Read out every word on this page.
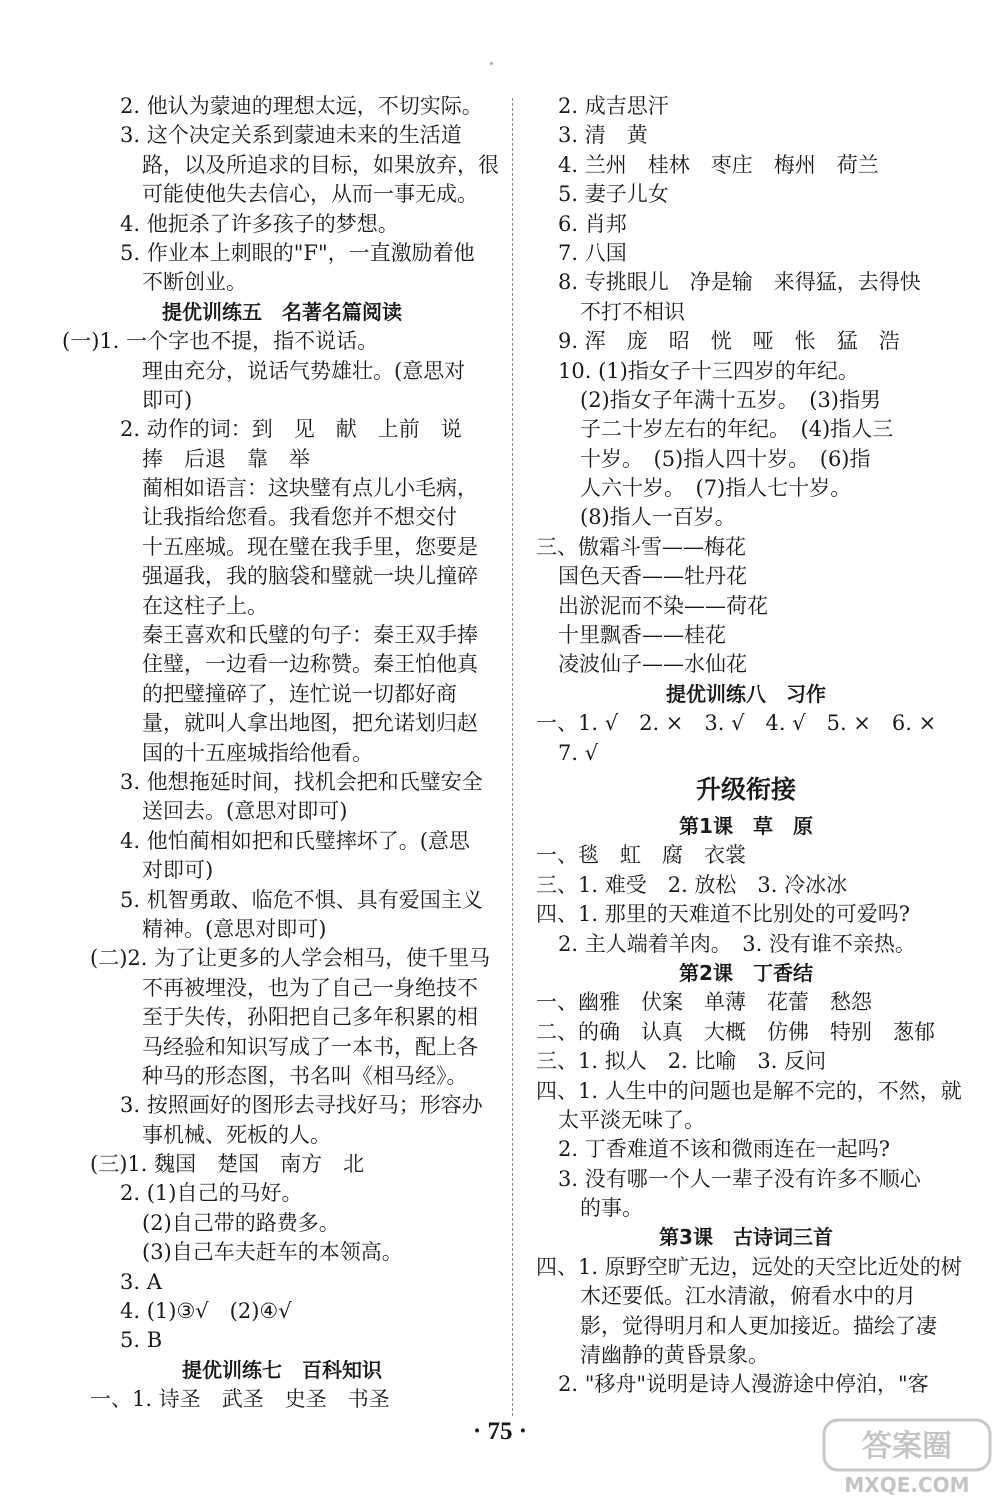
2. 他认为蒙迪的理想太远，不切实际。
3. 这个决定关系到蒙迪未来的生活道
路，以及所追求的目标，如果放弃，很
可能使他失去信心，从而一事无成。
4. 他扼杀了许多孩子的梦想。
5. 作业本上刺眼的"F"，一直激励着他
不断创业。
提优训练五　名著名篇阅读
(一)1. 一个字也不提，指不说话。
理由充分，说话气势雄壮。(意思对
即可)
2. 动作的词：到　见　献　上前　说
捧　后退　靠　举
蔺相如语言：这块璧有点儿小毛病，
让我指给您看。我看您并不想交付
十五座城。现在璧在我手里，您要是
强逼我，我的脑袋和璧就一块儿撞碎
在这柱子上。
秦王喜欢和氏璧的句子：秦王双手捧
住璧，一边看一边称赞。秦王怕他真
的把璧撞碎了，连忙说一切都好商
量，就叫人拿出地图，把允诺划归赵
国的十五座城指给他看。
3. 他想拖延时间，找机会把和氏璧安全
送回去。(意思对即可)
4. 他怕蔺相如把和氏璧摔坏了。(意思
对即可)
5. 机智勇敢、临危不惧、具有爱国主义
精神。(意思对即可)
(二)2. 为了让更多的人学会相马，使千里马
不再被埋没，也为了自己一身绝技不
至于失传，孙阳把自己多年积累的相
马经验和知识写成了一本书，配上各
种马的形态图，书名叫《相马经》。
3. 按照画好的图形去寻找好马；形容办
事机械、死板的人。
(三)1. 魏国　楚国　南方　北
2. (1)自己的马好。
(2)自己带的路费多。
(3)自己车夫赶车的本领高。
3. A
4. (1)③√　(2)④√
5. B
提优训练七　百科知识
一、1. 诗圣　武圣　史圣　书圣
2. 成吉思汗
3. 清　黄
4. 兰州　桂林　枣庄　梅州　荷兰
5. 妻子儿女
6. 肖邦
7. 八国
8. 专挑眼儿　净是输　来得猛，去得快
不打不相识
9. 浑　庞　昭　恍　哑　怅　猛　浩
10. (1)指女子十三四岁的年纪。
(2)指女子年满十五岁。　(3)指男
子二十岁左右的年纪。　(4)指人三
十岁。　(5)指人四十岁。　(6)指
人六十岁。　(7)指人七十岁。
(8)指人一百岁。
三、傲霜斗雪——梅花
国色天香——牡丹花
出淤泥而不染——荷花
十里飘香——桂花
凌波仙子——水仙花
提优训练八　习作
一、1. √　2. ×　3. √　4. √　5. ×　6. ×
7. √
升级衔接
第1课　草　原
一、毯　虹　腐　衣裳
三、1. 难受　2. 放松　3. 冷冰冰
四、1. 那里的天难道不比别处的可爱吗?
2. 主人端着羊肉。　3. 没有谁不亲热。
第2课　丁香结
一、幽雅　伏案　单薄　花蕾　愁怨
二、的确　认真　大概　仿佛　特别　葱郁
三、1. 拟人　2. 比喻　3. 反问
四、1. 人生中的问题也是解不完的，不然，就
太平淡无味了。
2. 丁香难道不该和微雨连在一起吗?
3. 没有哪一个人一辈子没有许多不顺心
的事。
第3课　古诗词三首
四、1. 原野空旷无边，远处的天空比近处的树
木还要低。江水清澈，俯看水中的月
影，觉得明月和人更加接近。描绘了凄
清幽静的黄昏景象。
2. "移舟"说明是诗人漫游途中停泊，"客
· 75 ·	答案圈
MXQE.COM
